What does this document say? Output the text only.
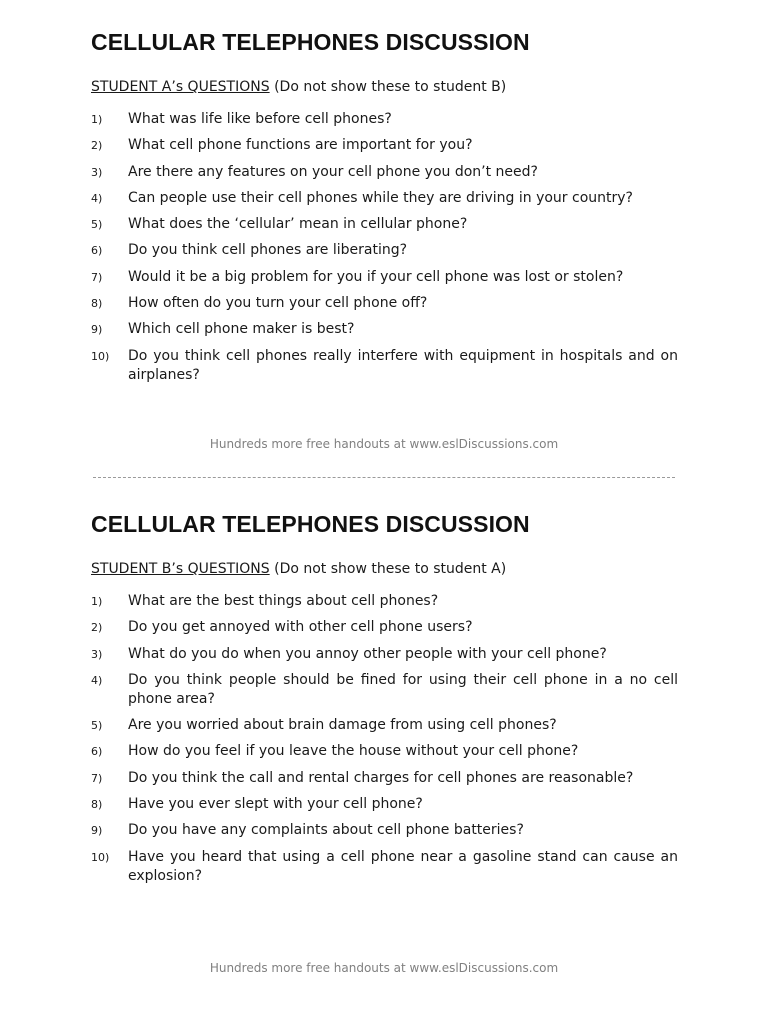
CELLULAR TELEPHONES DISCUSSION
STUDENT A’s QUESTIONS (Do not show these to student B)
1)	What was life like before cell phones?
2)	What cell phone functions are important for you?
3)	Are there any features on your cell phone you don’t need?
4)	Can people use their cell phones while they are driving in your country?
5)	What does the ‘cellular’ mean in cellular phone?
6)	Do you think cell phones are liberating?
7)	Would it be a big problem for you if your cell phone was lost or stolen?
8)	How often do you turn your cell phone off?
9)	Which cell phone maker is best?
10)	Do you think cell phones really interfere with equipment in hospitals and on airplanes?
Hundreds more free handouts at www.eslDiscussions.com
CELLULAR TELEPHONES DISCUSSION
STUDENT B’s QUESTIONS (Do not show these to student A)
1)	What are the best things about cell phones?
2)	Do you get annoyed with other cell phone users?
3)	What do you do when you annoy other people with your cell phone?
4)	Do you think people should be fined for using their cell phone in a no cell phone area?
5)	Are you worried about brain damage from using cell phones?
6)	How do you feel if you leave the house without your cell phone?
7)	Do you think the call and rental charges for cell phones are reasonable?
8)	Have you ever slept with your cell phone?
9)	Do you have any complaints about cell phone batteries?
10)	Have you heard that using a cell phone near a gasoline stand can cause an explosion?
Hundreds more free handouts at www.eslDiscussions.com
